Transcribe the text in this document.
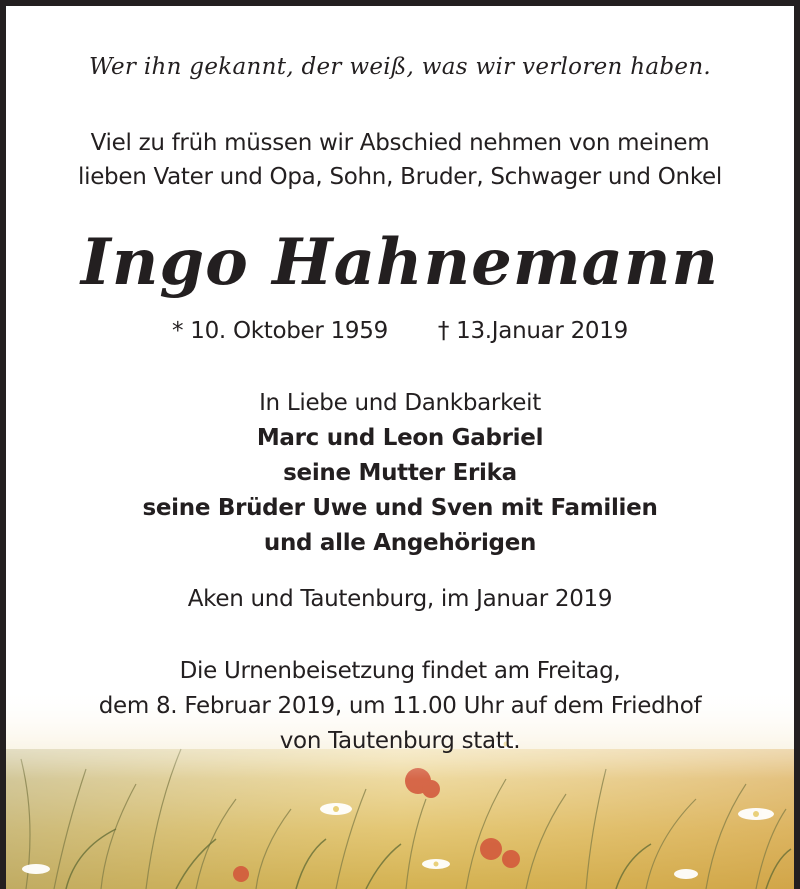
Wer ihn gekannt, der weiß, was wir verloren haben.
Viel zu früh müssen wir Abschied nehmen von meinem
lieben Vater und Opa, Sohn, Bruder, Schwager und Onkel
Ingo Hahnemann
* 10. Oktober 1959 † 13.Januar 2019
In Liebe und Dankbarkeit
Marc und Leon Gabriel
seine Mutter Erika
seine Brüder Uwe und Sven mit Familien
und alle Angehörigen
Aken und Tautenburg, im Januar 2019
Die Urnenbeisetzung findet am Freitag,
dem 8. Februar 2019, um 11.00 Uhr auf dem Friedhof
von Tautenburg statt.
